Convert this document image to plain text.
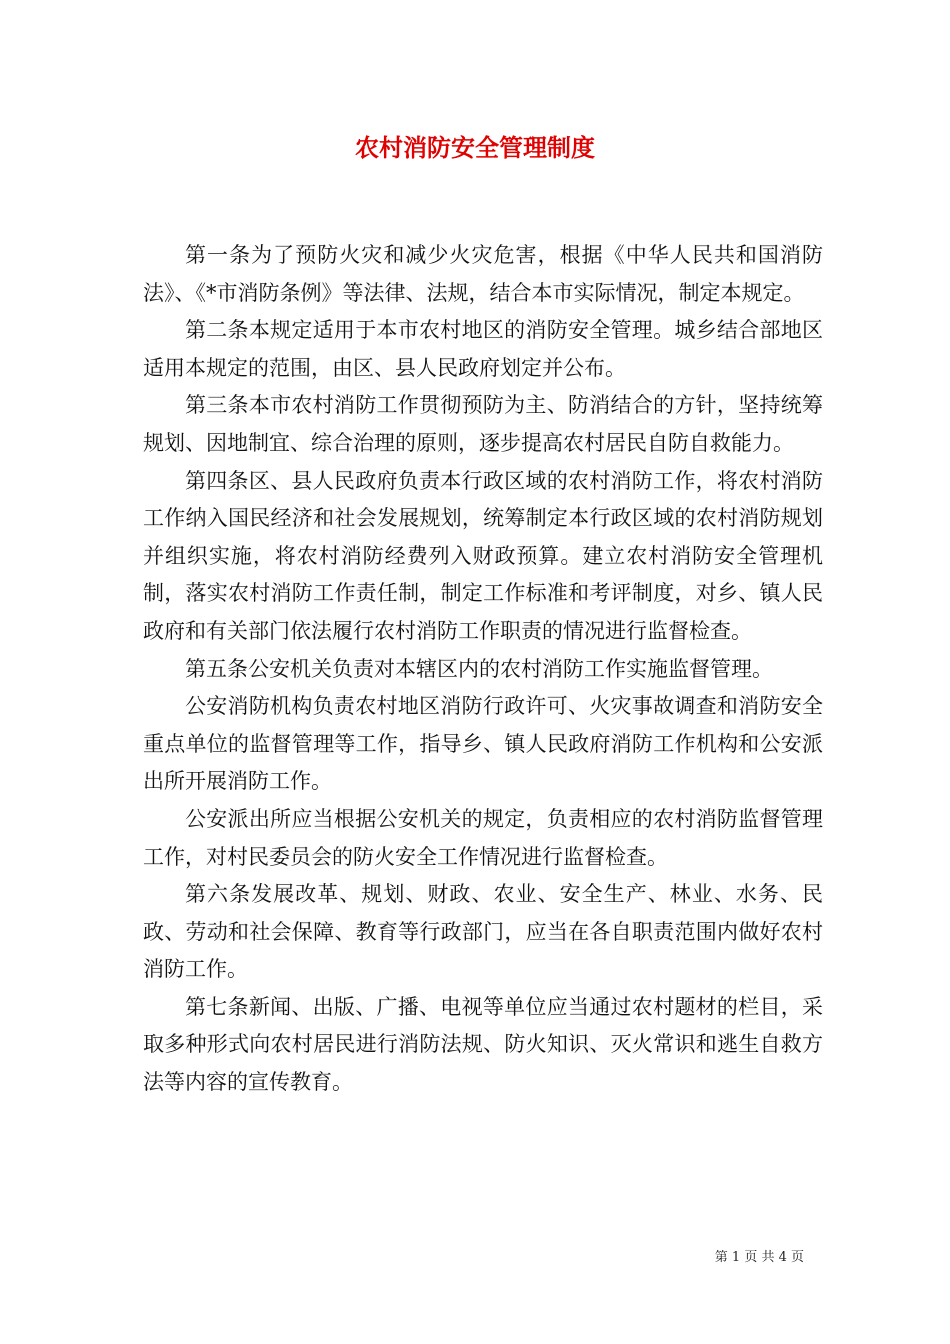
农村消防安全管理制度

第一条为了预防火灾和减少火灾危害，根据《中华人民共和国消防法》、《*市消防条例》等法律、法规，结合本市实际情况，制定本规定。

第二条本规定适用于本市农村地区的消防安全管理。城乡结合部地区适用本规定的范围，由区、县人民政府划定并公布。

第三条本市农村消防工作贯彻预防为主、防消结合的方针，坚持统筹规划、因地制宜、综合治理的原则，逐步提高农村居民自防自救能力。

第四条区、县人民政府负责本行政区域的农村消防工作，将农村消防工作纳入国民经济和社会发展规划，统筹制定本行政区域的农村消防规划并组织实施，将农村消防经费列入财政预算。建立农村消防安全管理机制，落实农村消防工作责任制，制定工作标准和考评制度，对乡、镇人民政府和有关部门依法履行农村消防工作职责的情况进行监督检查。

第五条公安机关负责对本辖区内的农村消防工作实施监督管理。

公安消防机构负责农村地区消防行政许可、火灾事故调查和消防安全重点单位的监督管理等工作，指导乡、镇人民政府消防工作机构和公安派出所开展消防工作。

公安派出所应当根据公安机关的规定，负责相应的农村消防监督管理工作，对村民委员会的防火安全工作情况进行监督检查。

第六条发展改革、规划、财政、农业、安全生产、林业、水务、民政、劳动和社会保障、教育等行政部门，应当在各自职责范围内做好农村消防工作。

第七条新闻、出版、广播、电视等单位应当通过农村题材的栏目，采取多种形式向农村居民进行消防法规、防火知识、灭火常识和逃生自救方法等内容的宣传教育。

第 1 页 共 4 页
